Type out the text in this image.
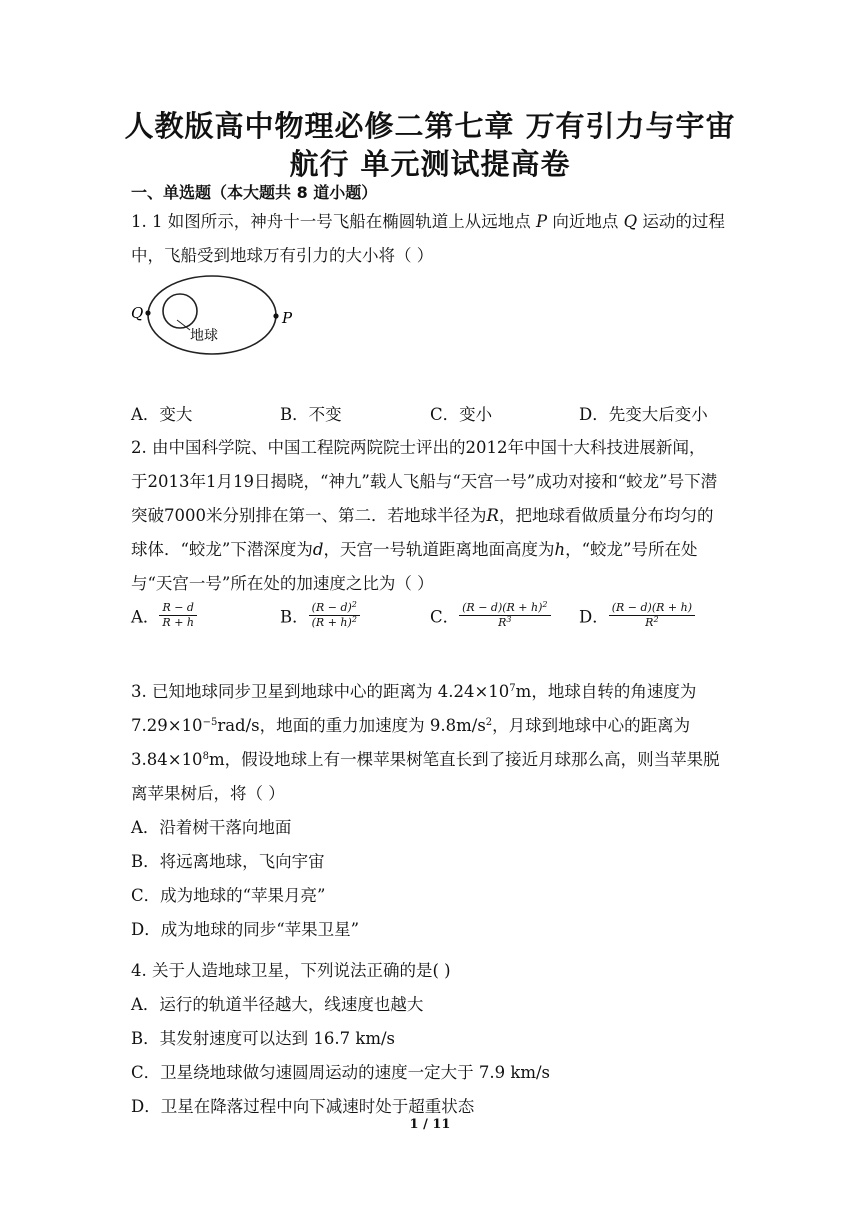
人教版高中物理必修二第七章 万有引力与宇宙
航行 单元测试提高卷
一、单选题（本大题共 8 道小题）
1. 1 如图所示，神舟十一号飞船在椭圆轨道上从远地点 P 向近地点 Q 运动的过程
中，飞船受到地球万有引力的大小将（ ）
Q	P
地球
A．变大	B．不变	C．变小	D．先变大后变小
2. 由中国科学院、中国工程院两院院士评出的2012年中国十大科技进展新闻，
于2013年1月19日揭晓，“神九”载人飞船与“天宫一号”成功对接和“蛟龙”号下潜
突破7000米分别排在第一、第二．若地球半径为R，把地球看做质量分布均匀的
球体．“蛟龙”下潜深度为d，天宫一号轨道距离地面高度为h，“蛟龙”号所在处
与“天宫一号”所在处的加速度之比为（ ）
A． $\frac{R - d}{R + h}$	B． $\frac{(R - d)^2}{(R + h)^2}$	C． $\frac{(R - d)(R + h)^2}{R^3}$ D． $\frac{(R - d)(R + h)}{R^2}$
3. 已知地球同步卫星到地球中心的距离为 $4.24\times 10^7m$，地球自转的角速度为
$7.29\times 10^{-5}rad/s$，地面的重力加速度为 $9.8m/s^2$，月球到地球中心的距离为
$3.84\times 10^8m$，假设地球上有一棵苹果树笔直长到了接近月球那么高，则当苹果脱
离苹果树后，将（ ）
A．沿着树干落向地面
B．将远离地球，飞向宇宙
C．成为地球的“苹果月亮”
D．成为地球的同步“苹果卫星”
4. 关于人造地球卫星，下列说法正确的是( )
A．运行的轨道半径越大，线速度也越大
B．其发射速度可以达到 16.7 km/s
C．卫星绕地球做匀速圆周运动的速度一定大于 7.9 km/s
D．卫星在降落过程中向下减速时处于超重状态
1 / 11
